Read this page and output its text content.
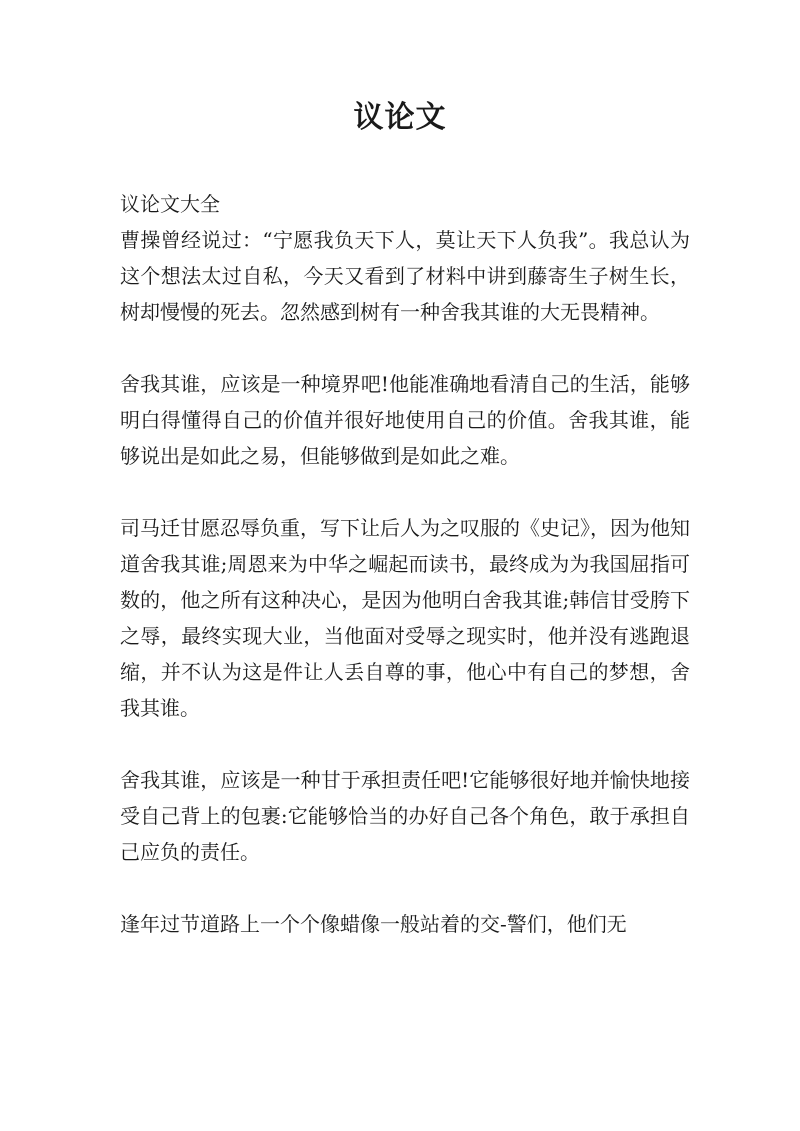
议论文

议论文大全

曹操曾经说过：“宁愿我负天下人，莫让天下人负我”。我总认为这个想法太过自私，今天又看到了材料中讲到藤寄生子树生长，树却慢慢的死去。忽然感到树有一种舍我其谁的大无畏精神。

舍我其谁，应该是一种境界吧!他能准确地看清自己的生活，能够明白得懂得自己的价值并很好地使用自己的价值。舍我其谁，能够说出是如此之易，但能够做到是如此之难。

司马迁甘愿忍辱负重，写下让后人为之叹服的《史记》，因为他知道舍我其谁;周恩来为中华之崛起而读书，最终成为为我国屈指可数的，他之所有这种决心，是因为他明白舍我其谁;韩信甘受胯下之辱，最终实现大业，当他面对受辱之现实时，他并没有逃跑退缩，并不认为这是件让人丢自尊的事，他心中有自己的梦想，舍我其谁。

舍我其谁，应该是一种甘于承担责任吧!它能够很好地并愉快地接受自己背上的包裹:它能够恰当的办好自己各个角色，敢于承担自己应负的责任。

逢年过节道路上一个个像蜡像一般站着的交-警们，他们无
